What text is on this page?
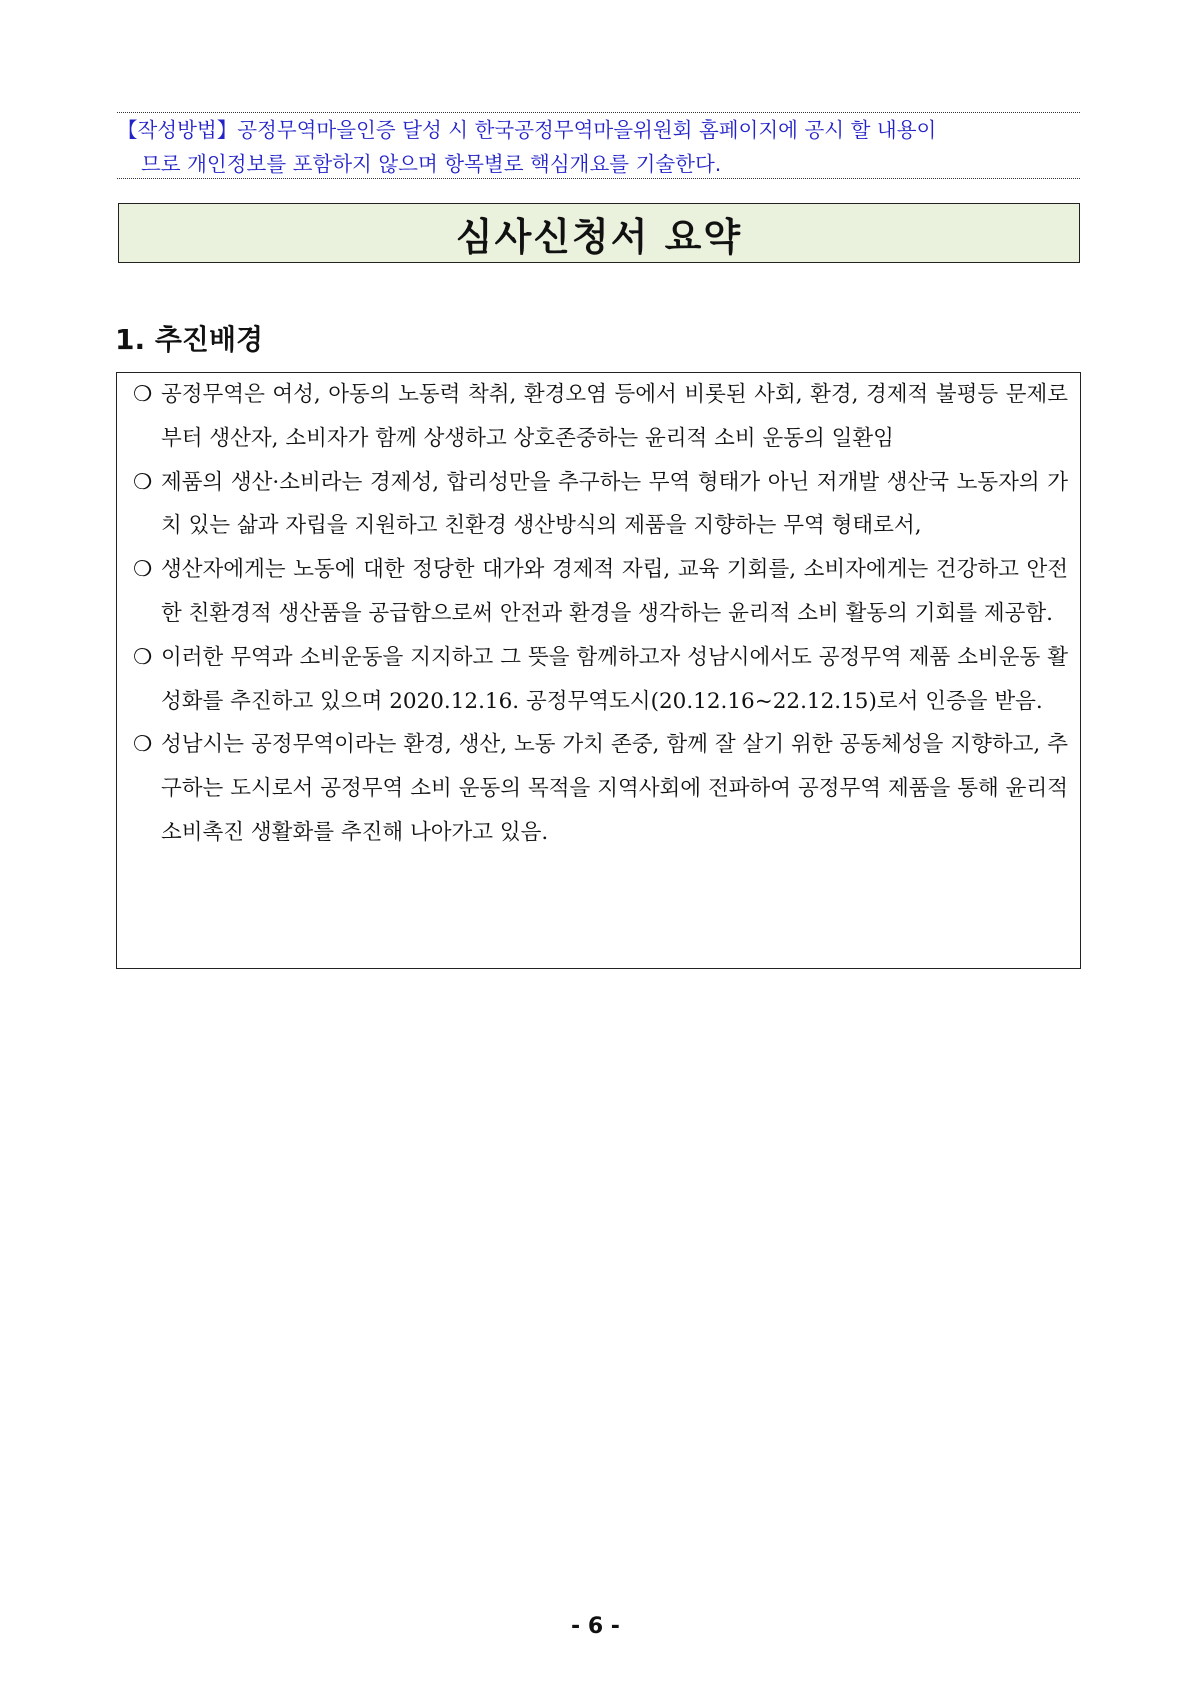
【작성방법】공정무역마을인증 달성 시 한국공정무역마을위원회 홈페이지에 공시 할 내용이
므로 개인정보를 포함하지 않으며 항목별로 핵심개요를 기술한다.
심사신청서 요약
1. 추진배경
❍ 공정무역은 여성, 아동의 노동력 착취, 환경오염 등에서 비롯된 사회, 환경, 경제적 불평등 문제로부터 생산자, 소비자가 함께 상생하고 상호존중하는 윤리적 소비 운동의 일환임

❍ 제품의 생산·소비라는 경제성, 합리성만을 추구하는 무역 형태가 아닌 저개발 생산국 노동자의 가치 있는 삶과 자립을 지원하고 친환경 생산방식의 제품을 지향하는 무역 형태로서,

❍ 생산자에게는 노동에 대한 정당한 대가와 경제적 자립, 교육 기회를, 소비자에게는 건강하고 안전한 친환경적 생산품을 공급함으로써 안전과 환경을 생각하는 윤리적 소비 활동의 기회를 제공함.

❍ 이러한 무역과 소비운동을 지지하고 그 뜻을 함께하고자 성남시에서도 공정무역 제품 소비운동 활성화를 추진하고 있으며 2020.12.16. 공정무역도시(20.12.16~22.12.15)로서 인증을 받음.

❍ 성남시는 공정무역이라는 환경, 생산, 노동 가치 존중, 함께 잘 살기 위한 공동체성을 지향하고, 추구하는 도시로서 공정무역 소비 운동의 목적을 지역사회에 전파하여 공정무역 제품을 통해 윤리적 소비촉진 생활화를 추진해 나아가고 있음.

- 6 -
